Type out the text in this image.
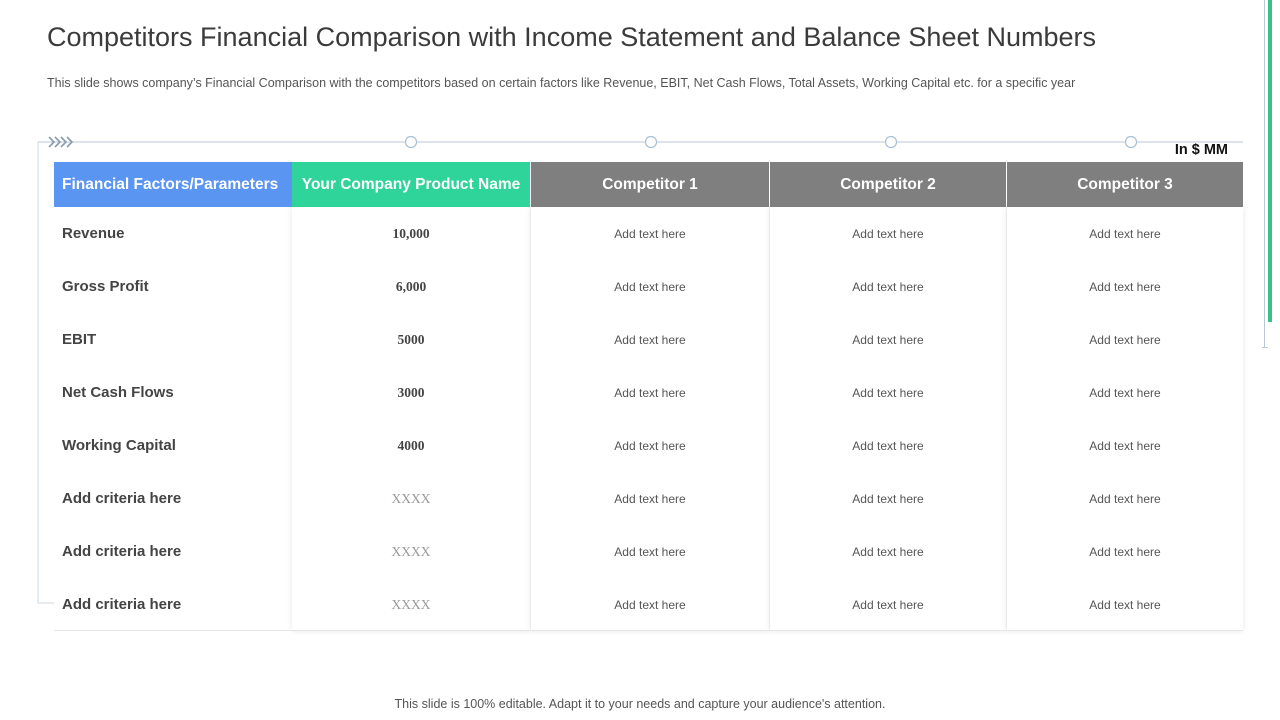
Competitors Financial Comparison with Income Statement and Balance Sheet Numbers
This slide shows company’s Financial Comparison with the competitors based on certain factors like Revenue, EBIT, Net Cash Flows, Total Assets, Working Capital etc. for a specific year
In $ MM
Financial Factors/Parameters	Your Company Product Name	Competitor 1	Competitor 2	Competitor 3
Revenue	10,000	Add text here	Add text here	Add text here
Gross Profit	6,000	Add text here	Add text here	Add text here
EBIT	5000	Add text here	Add text here	Add text here
Net Cash Flows	3000	Add text here	Add text here	Add text here
Working Capital	4000	Add text here	Add text here	Add text here
Add criteria here	XXXX	Add text here	Add text here	Add text here
Add criteria here	XXXX	Add text here	Add text here	Add text here
Add criteria here	XXXX	Add text here	Add text here	Add text here
This slide is 100% editable. Adapt it to your needs and capture your audience's attention.
